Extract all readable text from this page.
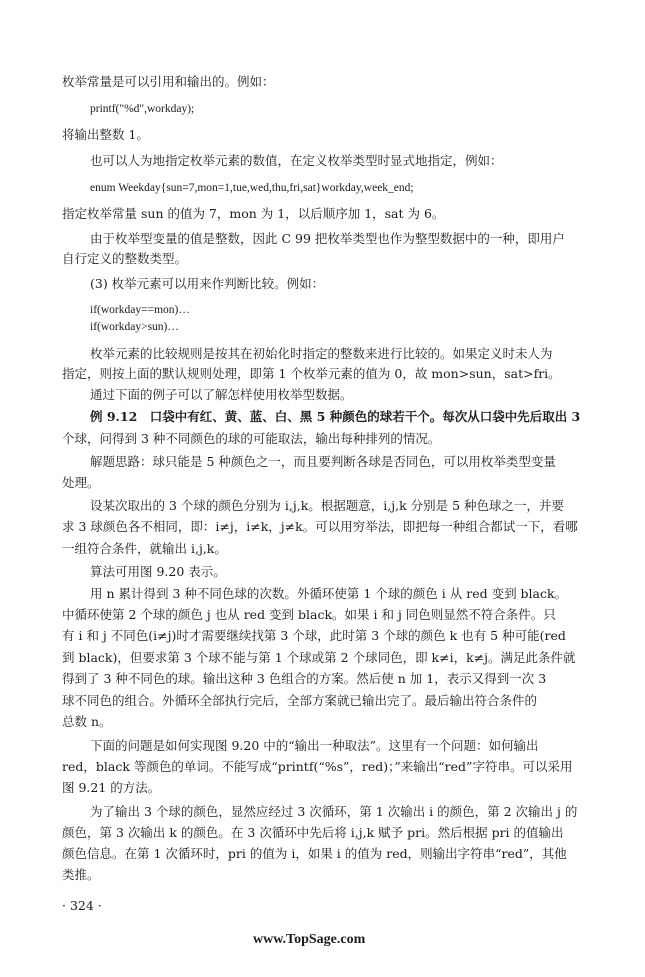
枚举常量是可以引用和输出的。例如：
printf("%d",workday);
将输出整数 1。
也可以人为地指定枚举元素的数值，在定义枚举类型时显式地指定，例如：
enum Weekday{sun=7,mon=1,tue,wed,thu,fri,sat}workday,week_end;
指定枚举常量 sun 的值为 7，mon 为 1，以后顺序加 1，sat 为 6。
由于枚举型变量的值是整数，因此 C 99 把枚举类型也作为整型数据中的一种，即用户
自行定义的整数类型。
(3) 枚举元素可以用来作判断比较。例如：
if(workday==mon)…
if(workday>sun)…
枚举元素的比较规则是按其在初始化时指定的整数来进行比较的。如果定义时未人为
指定，则按上面的默认规则处理，即第 1 个枚举元素的值为 0，故 mon>sun，sat>fri。
通过下面的例子可以了解怎样使用枚举型数据。
例 9.12　口袋中有红、黄、蓝、白、黑 5 种颜色的球若干个。每次从口袋中先后取出 3
个球，问得到 3 种不同颜色的球的可能取法，输出每种排列的情况。
解题思路：球只能是 5 种颜色之一，而且要判断各球是否同色，可以用枚举类型变量
处理。
设某次取出的 3 个球的颜色分别为 i,j,k。根据题意，i,j,k 分别是 5 种色球之一，并要
求 3 球颜色各不相同，即：i≠j，i≠k，j≠k。可以用穷举法，即把每一种组合都试一下，看哪
一组符合条件，就输出 i,j,k。
算法可用图 9.20 表示。
用 n 累计得到 3 种不同色球的次数。外循环使第 1 个球的颜色 i 从 red 变到 black。
中循环使第 2 个球的颜色 j 也从 red 变到 black。如果 i 和 j 同色则显然不符合条件。只
有 i 和 j 不同色(i≠j)时才需要继续找第 3 个球，此时第 3 个球的颜色 k 也有 5 种可能(red
到 black)，但要求第 3 个球不能与第 1 个球或第 2 个球同色，即 k≠i，k≠j。满足此条件就
得到了 3 种不同色的球。输出这种 3 色组合的方案。然后使 n 加 1，表示又得到一次 3
球不同色的组合。外循环全部执行完后，全部方案就已输出完了。最后输出符合条件的
总数 n。
下面的问题是如何实现图 9.20 中的“输出一种取法”。这里有一个问题：如何输出
red，black 等颜色的单词。不能写成“printf(“%s”，red)；”来输出“red”字符串。可以采用
图 9.21 的方法。
为了输出 3 个球的颜色，显然应经过 3 次循环，第 1 次输出 i 的颜色，第 2 次输出 j 的
颜色，第 3 次输出 k 的颜色。在 3 次循环中先后将 i,j,k 赋予 pri。然后根据 pri 的值输出
颜色信息。在第 1 次循环时，pri 的值为 i，如果 i 的值为 red，则输出字符串“red”，其他
类推。
· 324 ·
www.TopSage.com
